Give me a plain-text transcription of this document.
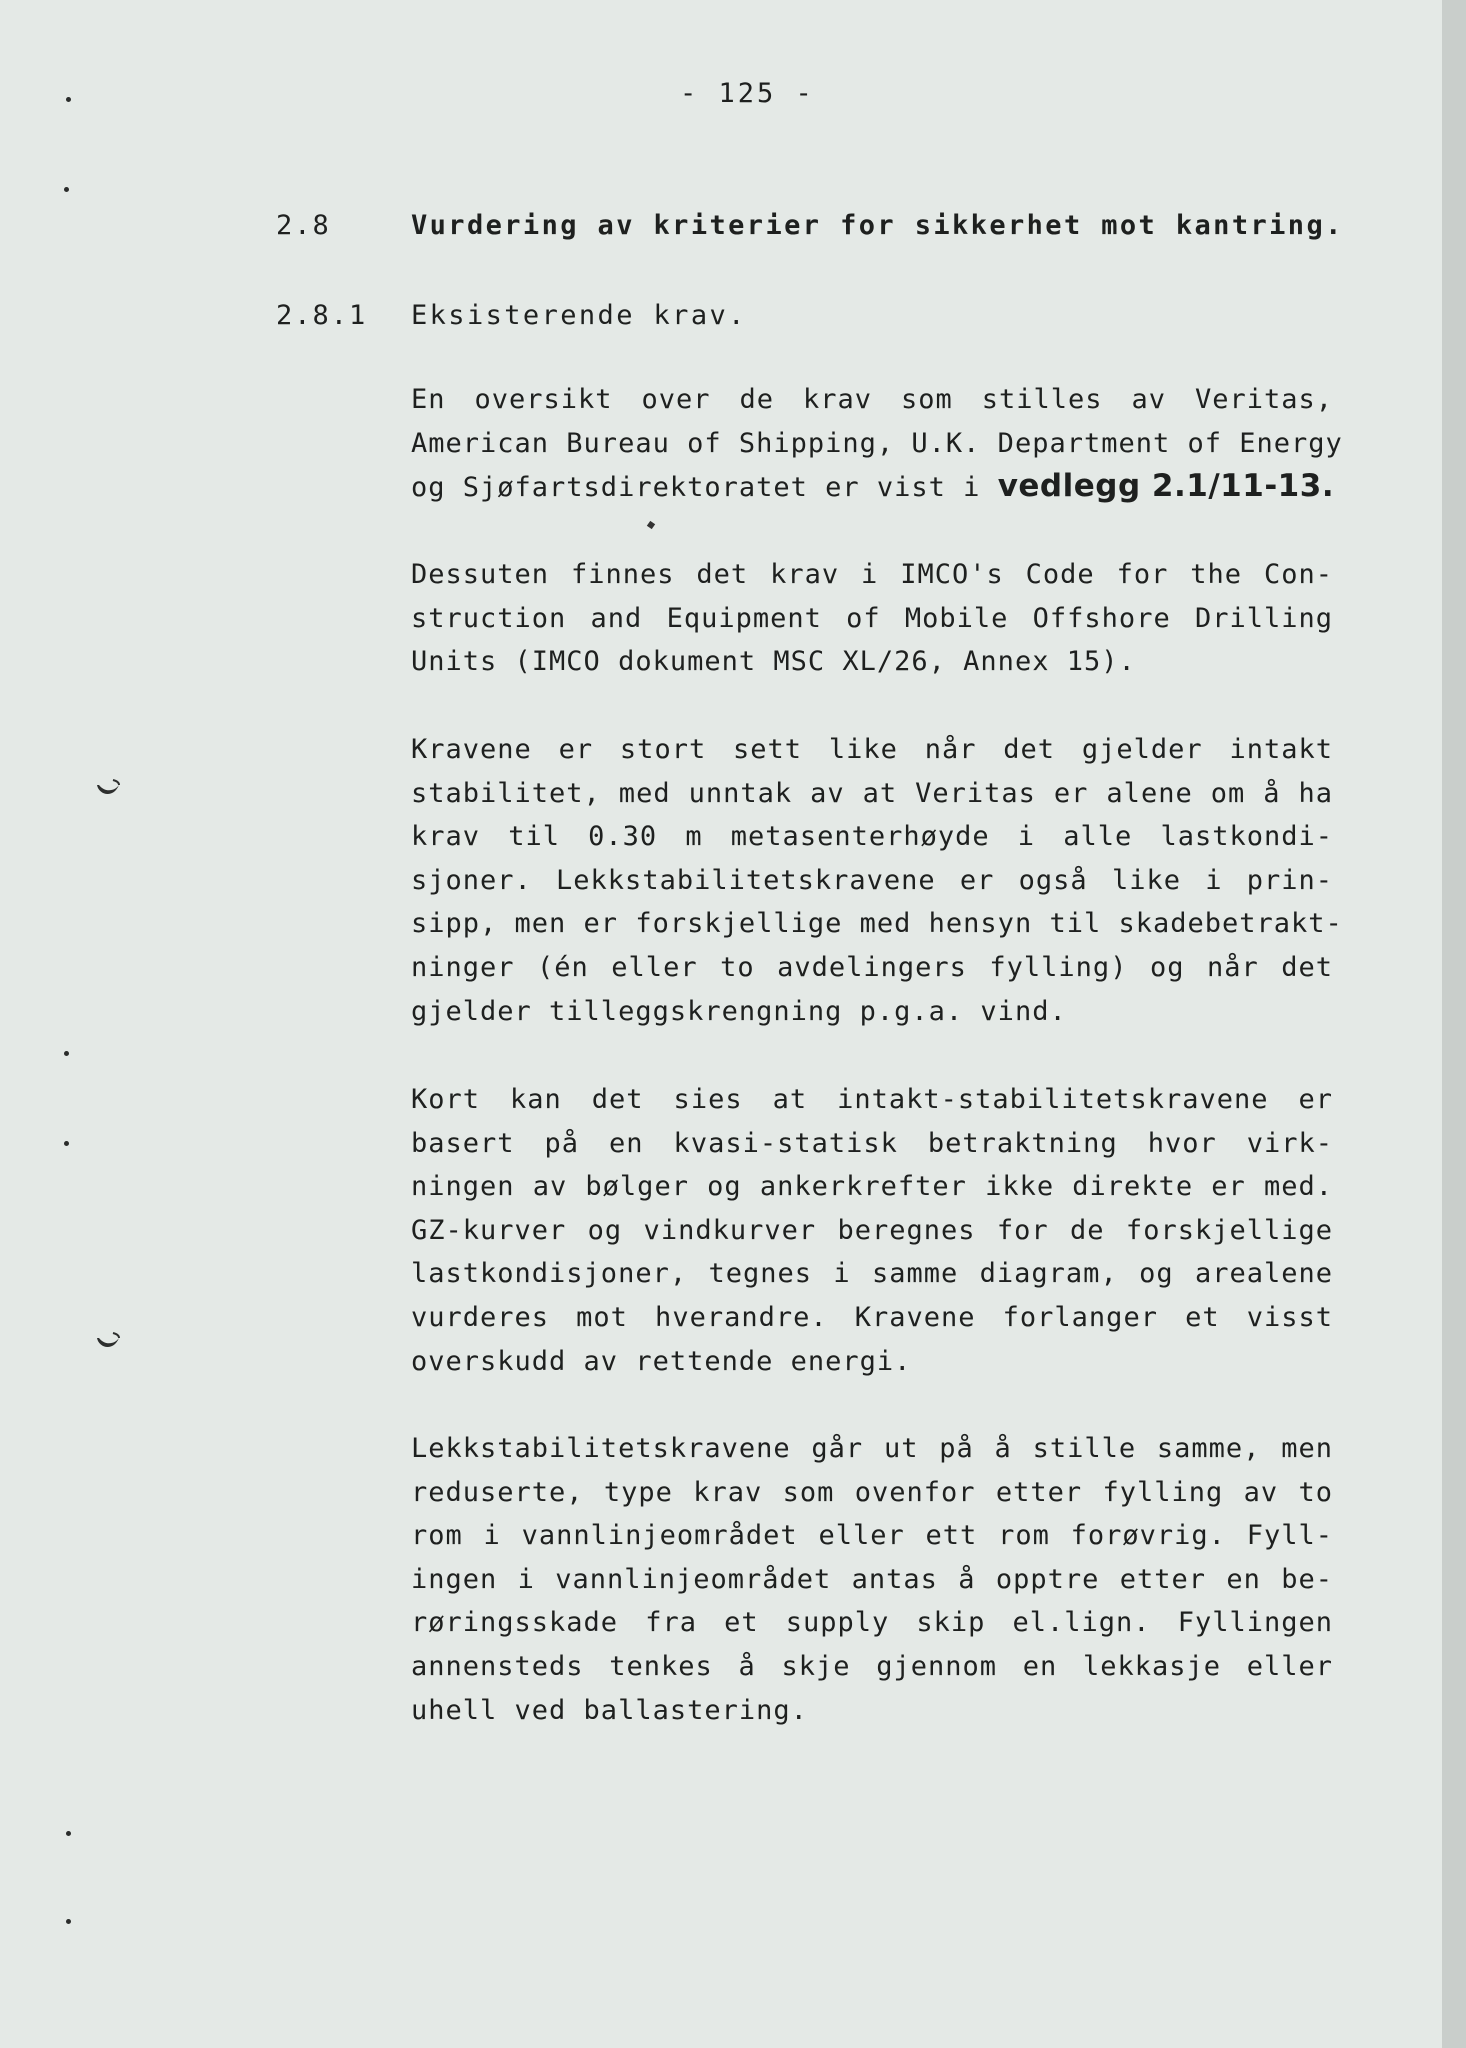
- 125 -
2.8	Vurdering av kriterier for sikkerhet mot kantring.
2.8.1 Eksisterende krav.
En oversikt over de krav som stilles av Veritas,
American Bureau of Shipping, U.K. Department of Energy
og Sjøfartsdirektoratet er vist i vedlegg 2.1/11-13.
Dessuten finnes det krav i IMCO's Code for the Con-
struction and Equipment of Mobile Offshore Drilling
Units (IMCO dokument MSC XL/26, Annex 15).
Kravene er stort sett like når det gjelder intakt
stabilitet, med unntak av at Veritas er alene om å ha
krav til 0.30 m metasenterhøyde i alle lastkondi-
sjoner. Lekkstabilitetskravene er også like i prin-
sipp, men er forskjellige med hensyn til skadebetrakt-
ninger (én eller to avdelingers fylling) og når det
gjelder tilleggskrengning p.g.a. vind.
Kort kan det sies at intakt-stabilitetskravene er
basert på en kvasi-statisk betraktning hvor virk-
ningen av bølger og ankerkrefter ikke direkte er med.
GZ-kurver og vindkurver beregnes for de forskjellige
lastkondisjoner, tegnes i samme diagram, og arealene
vurderes mot hverandre. Kravene forlanger et visst
overskudd av rettende energi.
Lekkstabilitetskravene går ut på å stille samme, men
reduserte, type krav som ovenfor etter fylling av to
rom i vannlinjeområdet eller ett rom forøvrig. Fyll-
ingen i vannlinjeområdet antas å opptre etter en be-
røringsskade fra et supply skip el.lign. Fyllingen
annensteds tenkes å skje gjennom en lekkasje eller
uhell ved ballastering.
